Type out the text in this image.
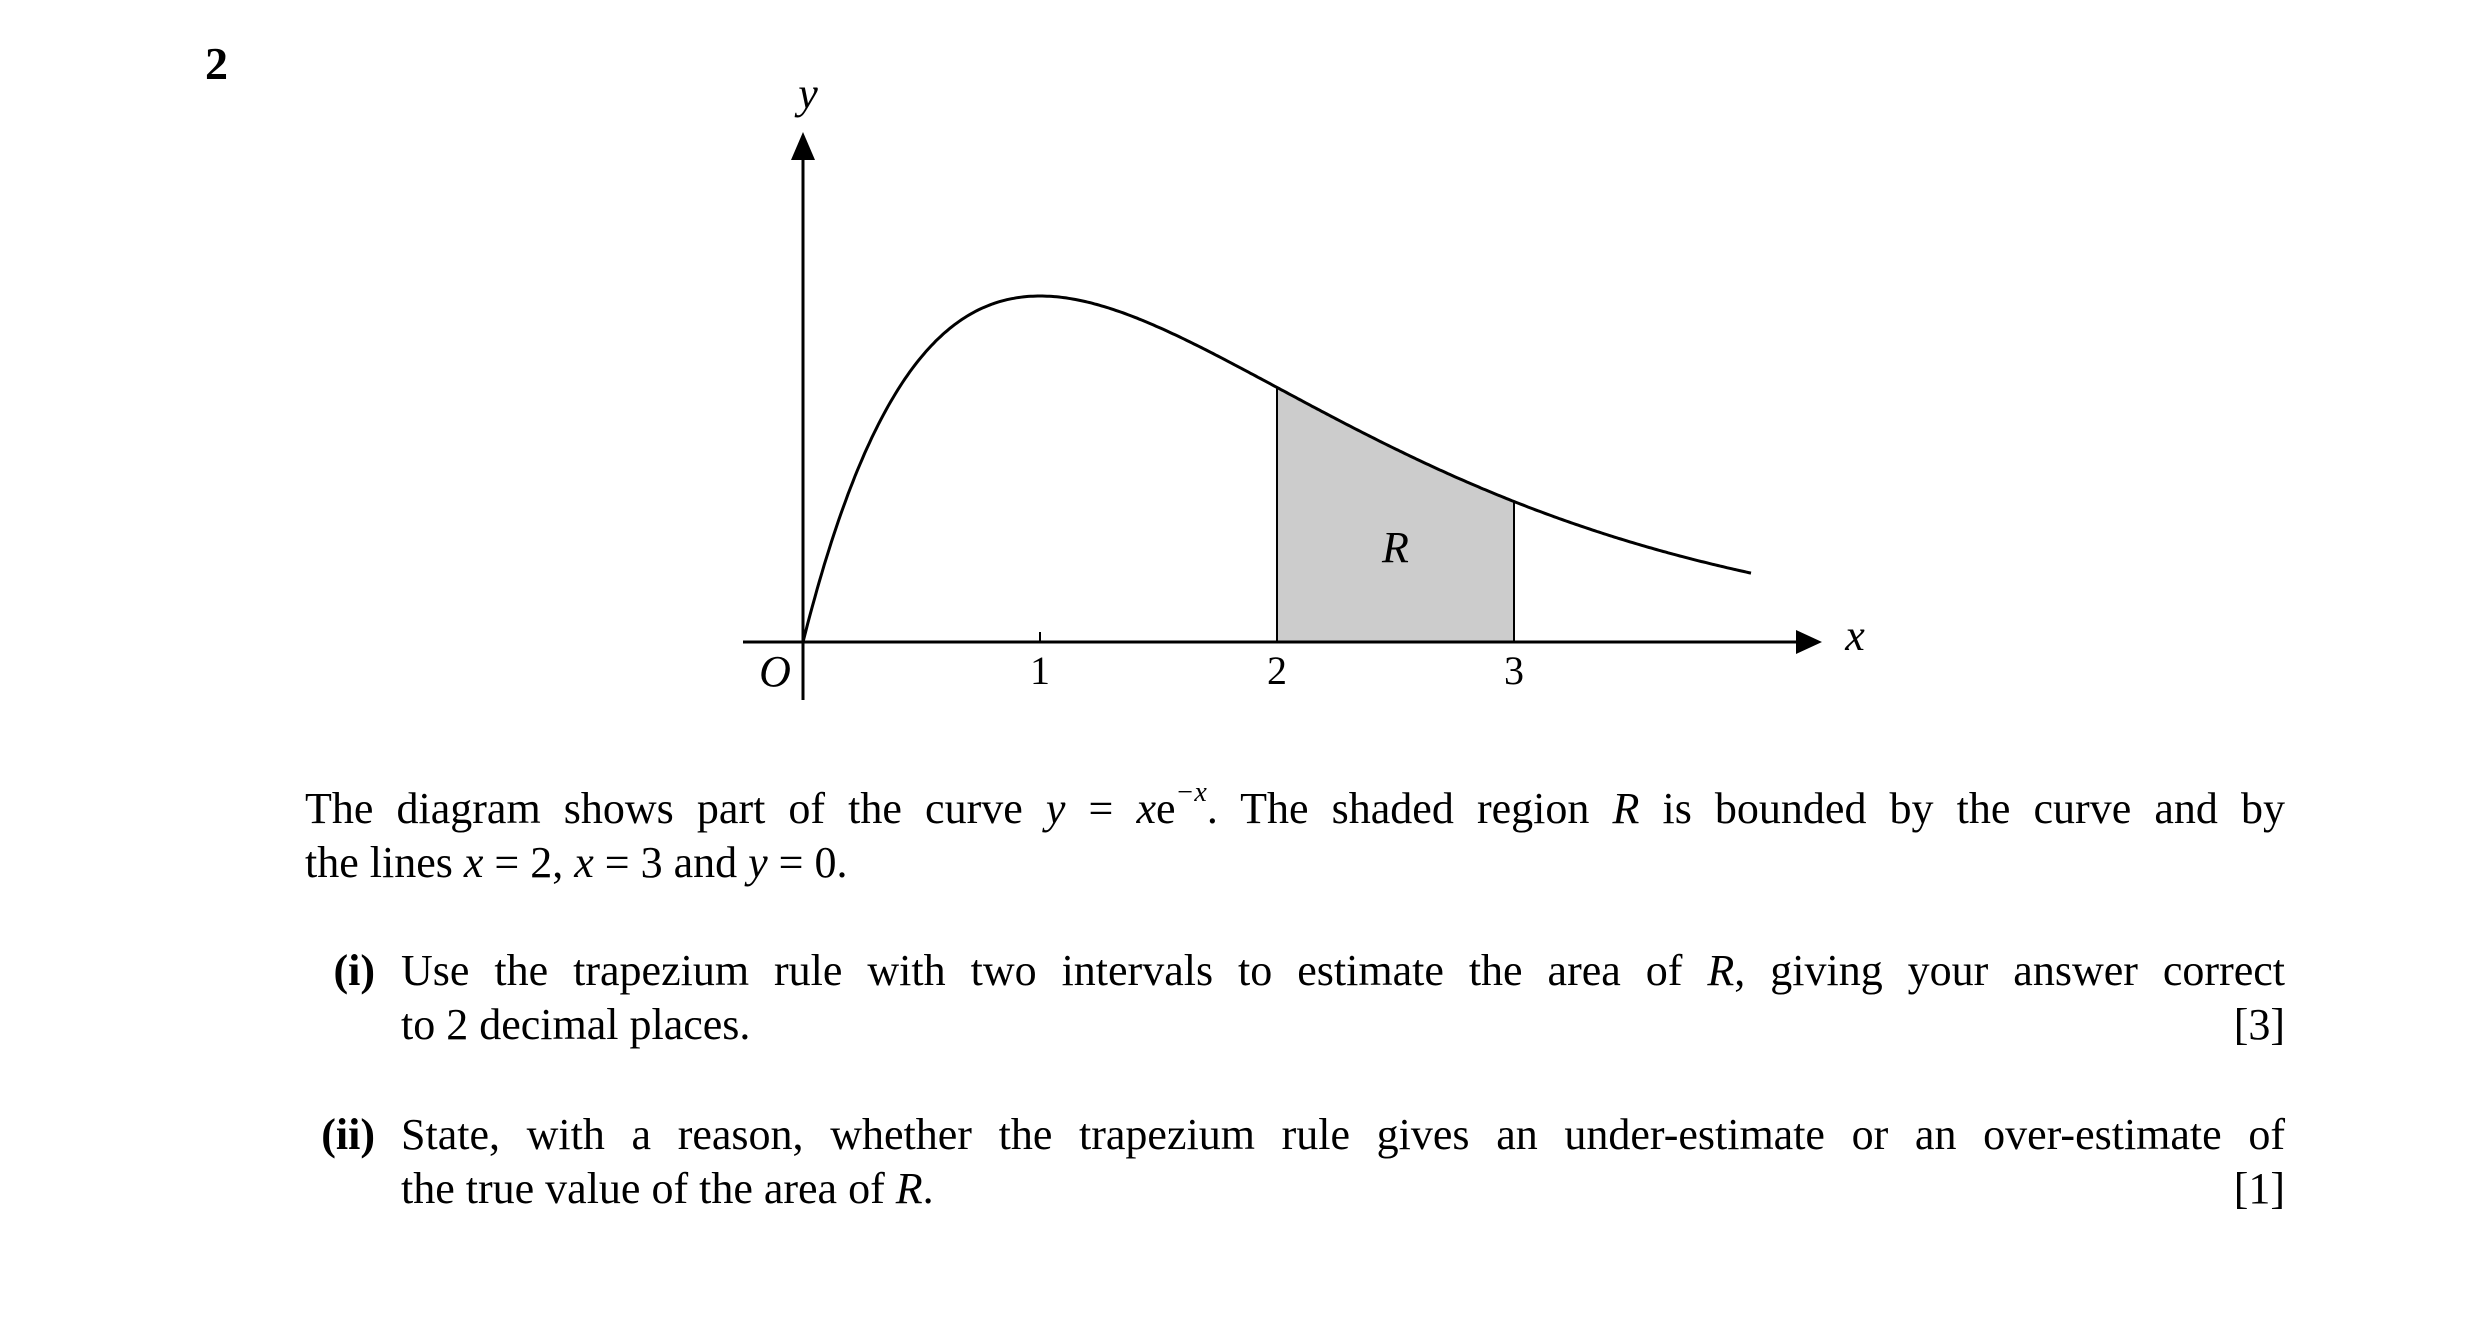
2
y
x
O
R
1	2	3
The diagram shows part of the curve $y = xe^{-x}$. The shaded region R is bounded by the curve and by
the lines x = 2, x = 3 and y = 0.
(i) Use the trapezium rule with two intervals to estimate the area of R, giving your answer correct
to 2 decimal places.	[3]
(ii) State, with a reason, whether the trapezium rule gives an under-estimate or an over-estimate of
the true value of the area of R.	[1]
